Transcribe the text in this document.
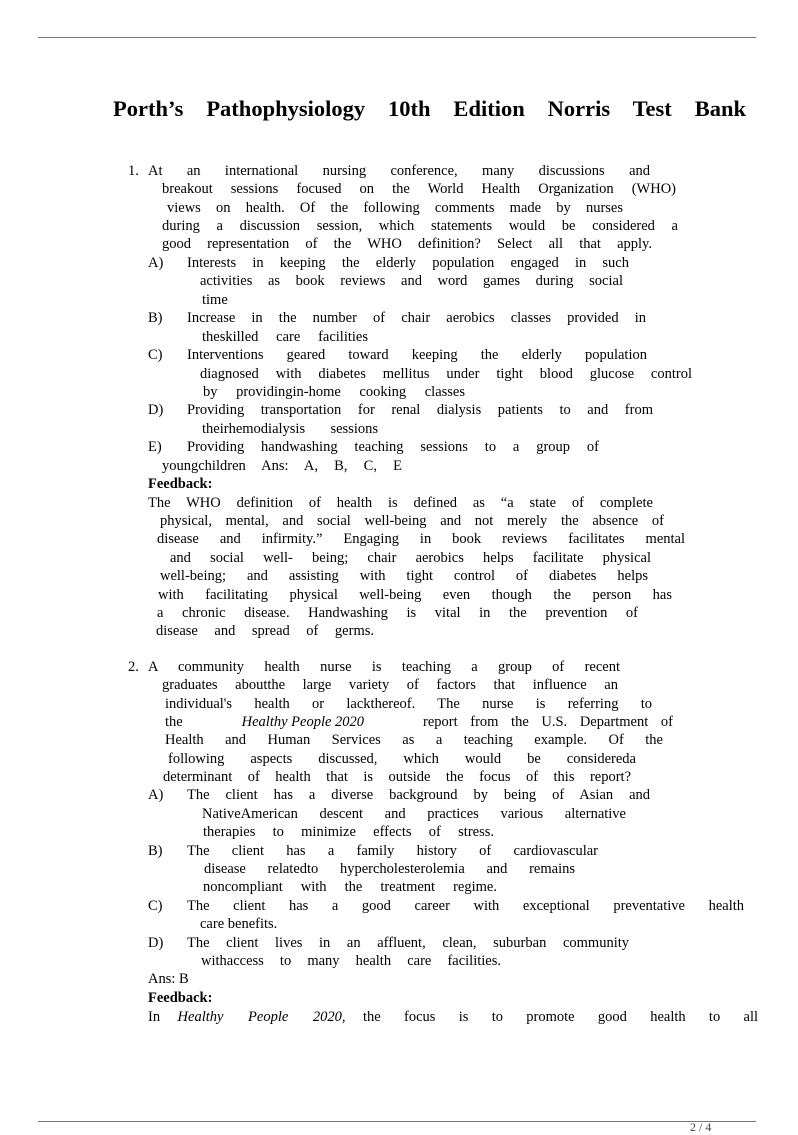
Porth’s Pathophysiology 10th Edition Norris Test Bank
1. At an international nursing conference, many discussions and
breakout sessions focused on the World Health Organization (WHO)
views on health. Of the following comments made by nurses
during a discussion session, which statements would be considered a
good representation of the WHO definition? Select all that apply.
A) Interests in keeping the elderly population engaged in such
activities as book reviews and word games during social
time
B) Increase in the number of chair aerobics classes provided in
theskilled care facilities
C) Interventions geared toward keeping the elderly population
diagnosed with diabetes mellitus under tight blood glucose control
by providingin-home cooking classes
D) Providing transportation for renal dialysis patients to and from
theirhemodialysis sessions
E) Providing handwashing teaching sessions to a group of
youngchildren Ans: A, B, C, E
Feedback:
The WHO definition of health is defined as “a state of complete
physical, mental, and social well-being and not merely the absence of
disease and infirmity.” Engaging in book reviews facilitates mental
and social well- being; chair aerobics helps facilitate physical
well-being; and assisting with tight control of diabetes helps
with facilitating physical well-being even though the person has
a chronic disease. Handwashing is vital in the prevention of
disease and spread of germs.
2. A community health nurse is teaching a group of recent
graduates aboutthe large variety of factors that influence an
individual's health or lackthereof. The nurse is referring to
the	Healthy People 2020	report from the U.S. Department of
Health and Human Services as a teaching example. Of the
following aspects discussed, which would be considereda
determinant of health that is outside the focus of this report?
A) The client has a diverse background by being of Asian and
NativeAmerican descent and practices various alternative
therapies to minimize effects of stress.
B) The client has a family history of cardiovascular
disease relatedto hypercholesterolemia and remains
noncompliant with the treatment regime.
C) The client has a good career with exceptional preventative health
care benefits.
D) The client lives in an affluent, clean, suburban community
withaccess to many health care facilities.
Ans: B
Feedback:
In Healthy People 2020, the focus is to promote good health to all
2 / 4
